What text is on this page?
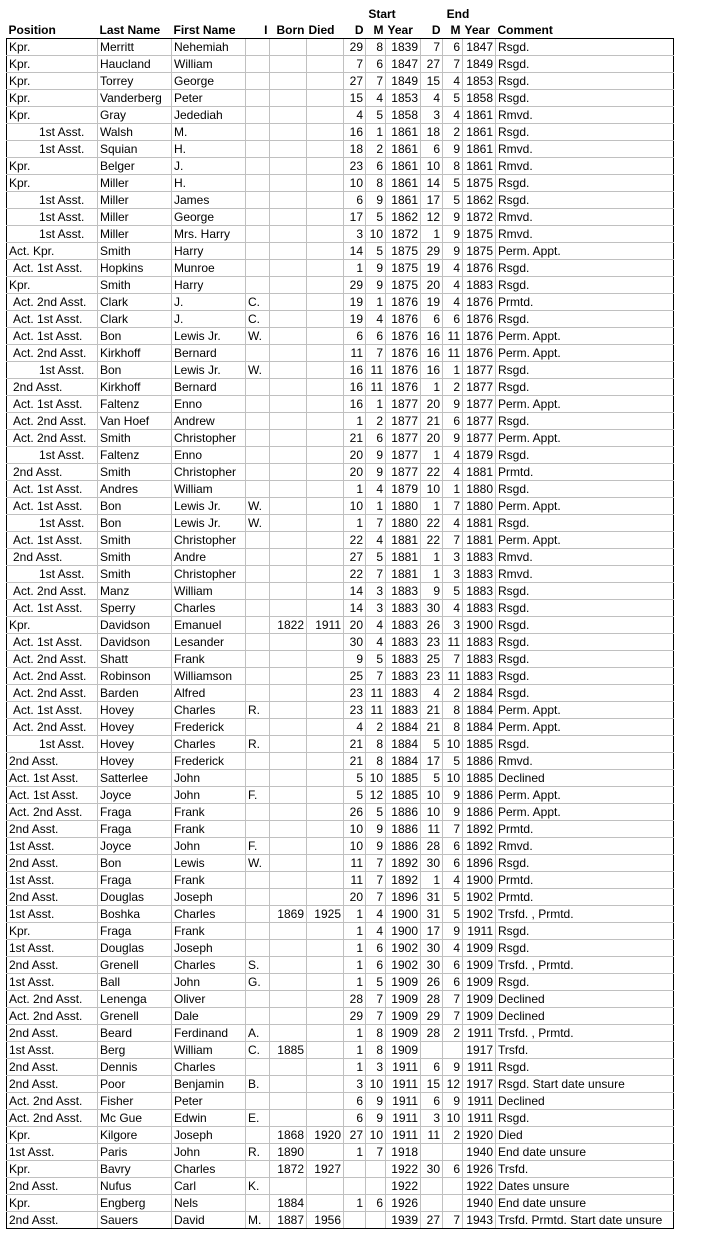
						Start			End			
Position	Last Name	First Name	I	Born	Died	D	M	Year	D	M	Year	Comment
Kpr.	Merritt	Nehemiah				29	8	1839	7	6	1847	Rsgd.
Kpr.	Haucland	William				7	6	1847	27	7	1849	Rsgd.
Kpr.	Torrey	George				27	7	1849	15	4	1853	Rsgd.
Kpr.	Vanderberg	Peter				15	4	1853	4	5	1858	Rsgd.
Kpr.	Gray	Jedediah				4	5	1858	3	4	1861	Rmvd.
1st Asst.	Walsh	M.				16	1	1861	18	2	1861	Rsgd.
1st Asst.	Squian	H.				18	2	1861	6	9	1861	Rmvd.
Kpr.	Belger	J.				23	6	1861	10	8	1861	Rmvd.
Kpr.	Miller	H.				10	8	1861	14	5	1875	Rsgd.
1st Asst.	Miller	James				6	9	1861	17	5	1862	Rsgd.
1st Asst.	Miller	George				17	5	1862	12	9	1872	Rmvd.
1st Asst.	Miller	Mrs. Harry				3	10	1872	1	9	1875	Rmvd.
Act. Kpr.	Smith	Harry				14	5	1875	29	9	1875	Perm. Appt.
Act. 1st Asst.	Hopkins	Munroe				1	9	1875	19	4	1876	Rsgd.
Kpr.	Smith	Harry				29	9	1875	20	4	1883	Rsgd.
Act. 2nd Asst.	Clark	J.	C.			19	1	1876	19	4	1876	Prmtd.
Act. 1st Asst.	Clark	J.	C.			19	4	1876	6	6	1876	Rsgd.
Act. 1st Asst.	Bon	Lewis Jr.	W.			6	6	1876	16	11	1876	Perm. Appt.
Act. 2nd Asst.	Kirkhoff	Bernard				11	7	1876	16	11	1876	Perm. Appt.
1st Asst.	Bon	Lewis Jr.	W.			16	11	1876	16	1	1877	Rsgd.
2nd Asst.	Kirkhoff	Bernard				16	11	1876	1	2	1877	Rsgd.
Act. 1st Asst.	Faltenz	Enno				16	1	1877	20	9	1877	Perm. Appt.
Act. 2nd Asst.	Van Hoef	Andrew				1	2	1877	21	6	1877	Rsgd.
Act. 2nd Asst.	Smith	Christopher				21	6	1877	20	9	1877	Perm. Appt.
1st Asst.	Faltenz	Enno				20	9	1877	1	4	1879	Rsgd.
2nd Asst.	Smith	Christopher				20	9	1877	22	4	1881	Prmtd.
Act. 1st Asst.	Andres	William				1	4	1879	10	1	1880	Rsgd.
Act. 1st Asst.	Bon	Lewis Jr.	W.			10	1	1880	1	7	1880	Perm. Appt.
1st Asst.	Bon	Lewis Jr.	W.			1	7	1880	22	4	1881	Rsgd.
Act. 1st Asst.	Smith	Christopher				22	4	1881	22	7	1881	Perm. Appt.
2nd Asst.	Smith	Andre				27	5	1881	1	3	1883	Rmvd.
1st Asst.	Smith	Christopher				22	7	1881	1	3	1883	Rmvd.
Act. 2nd Asst.	Manz	William				14	3	1883	9	5	1883	Rsgd.
Act. 1st Asst.	Sperry	Charles				14	3	1883	30	4	1883	Rsgd.
Kpr.	Davidson	Emanuel		1822	1911	20	4	1883	26	3	1900	Rsgd.
Act. 1st Asst.	Davidson	Lesander				30	4	1883	23	11	1883	Rsgd.
Act. 2nd Asst.	Shatt	Frank				9	5	1883	25	7	1883	Rsgd.
Act. 2nd Asst.	Robinson	Williamson				25	7	1883	23	11	1883	Rsgd.
Act. 2nd Asst.	Barden	Alfred				23	11	1883	4	2	1884	Rsgd.
Act. 1st Asst.	Hovey	Charles	R.			23	11	1883	21	8	1884	Perm. Appt.
Act. 2nd Asst.	Hovey	Frederick				4	2	1884	21	8	1884	Perm. Appt.
1st Asst.	Hovey	Charles	R.			21	8	1884	5	10	1885	Rsgd.
2nd Asst.	Hovey	Frederick				21	8	1884	17	5	1886	Rmvd.
Act. 1st Asst.	Satterlee	John				5	10	1885	5	10	1885	Declined
Act. 1st Asst.	Joyce	John	F.			5	12	1885	10	9	1886	Perm. Appt.
Act. 2nd Asst.	Fraga	Frank				26	5	1886	10	9	1886	Perm. Appt.
2nd Asst.	Fraga	Frank				10	9	1886	11	7	1892	Prmtd.
1st Asst.	Joyce	John	F.			10	9	1886	28	6	1892	Rmvd.
2nd Asst.	Bon	Lewis	W.			11	7	1892	30	6	1896	Rsgd.
1st Asst.	Fraga	Frank				11	7	1892	1	4	1900	Prmtd.
2nd Asst.	Douglas	Joseph				20	7	1896	31	5	1902	Prmtd.
1st Asst.	Boshka	Charles		1869	1925	1	4	1900	31	5	1902	Trsfd. , Prmtd.
Kpr.	Fraga	Frank				1	4	1900	17	9	1911	Rsgd.
1st Asst.	Douglas	Joseph				1	6	1902	30	4	1909	Rsgd.
2nd Asst.	Grenell	Charles	S.			1	6	1902	30	6	1909	Trsfd. , Prmtd.
1st Asst.	Ball	John	G.			1	5	1909	26	6	1909	Rsgd.
Act. 2nd Asst.	Lenenga	Oliver				28	7	1909	28	7	1909	Declined
Act. 2nd Asst.	Grenell	Dale				29	7	1909	29	7	1909	Declined
2nd Asst.	Beard	Ferdinand	A.			1	8	1909	28	2	1911	Trsfd. , Prmtd.
1st Asst.	Berg	William	C.	1885		1	8	1909			1917	Trsfd.
2nd Asst.	Dennis	Charles				1	3	1911	6	9	1911	Rsgd.
2nd Asst.	Poor	Benjamin	B.			3	10	1911	15	12	1917	Rsgd. Start date unsure
Act. 2nd Asst.	Fisher	Peter				6	9	1911	6	9	1911	Declined
Act. 2nd Asst.	Mc Gue	Edwin	E.			6	9	1911	3	10	1911	Rsgd.
Kpr.	Kilgore	Joseph		1868	1920	27	10	1911	11	2	1920	Died
1st Asst.	Paris	John	R.	1890		1	7	1918			1940	End date unsure
Kpr.	Bavry	Charles		1872	1927			1922	30	6	1926	Trsfd.
2nd Asst.	Nufus	Carl	K.					1922			1922	Dates unsure
Kpr.	Engberg	Nels		1884		1	6	1926			1940	End date unsure
2nd Asst.	Sauers	David	M.	1887	1956			1939	27	7	1943	Trsfd. Prmtd. Start date unsure
